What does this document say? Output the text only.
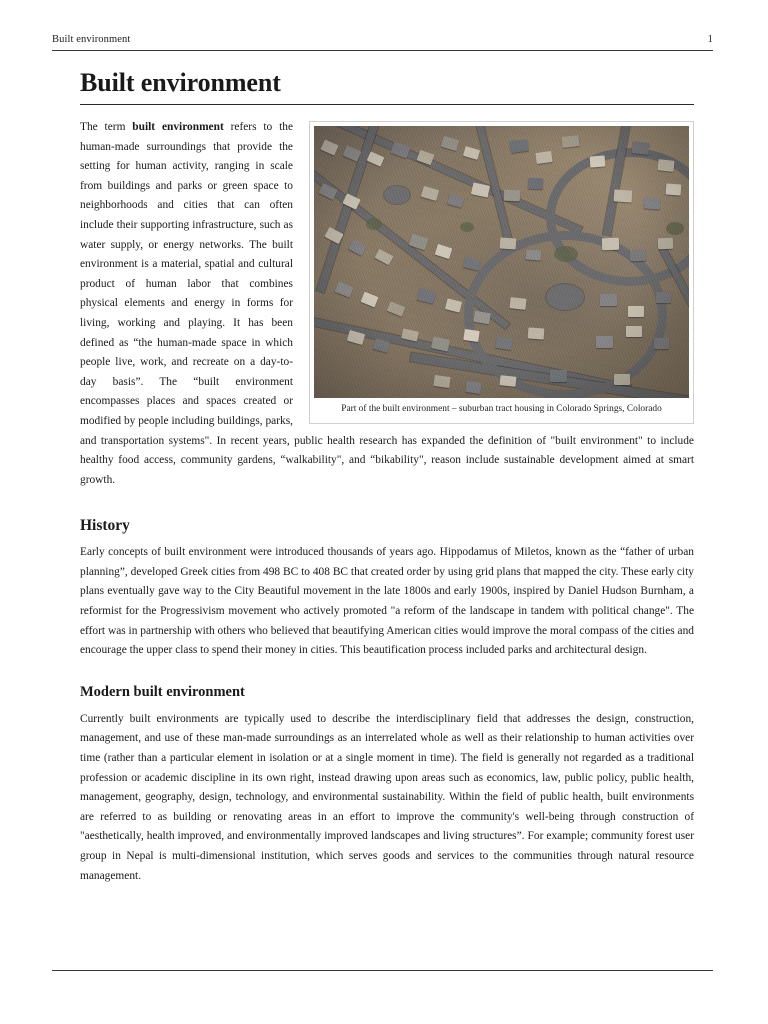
Built environment	1
Built environment
Part of the built environment – suburban tract housing in Colorado Springs, Colorado

The term built environment refers to the human-made surroundings that provide the setting for human activity, ranging in scale from buildings and parks or green space to neighborhoods and cities that can often include their supporting infrastructure, such as water supply, or energy networks. The built environment is a material, spatial and cultural product of human labor that combines physical elements and energy in forms for living, working and playing. It has been defined as “the human-made space in which people live, work, and recreate on a day-to-day basis”. The “built environment encompasses places and spaces created or modified by people including buildings, parks, and transportation systems". In recent years, public health research has expanded the definition of "built environment" to include healthy food access, community gardens, “walkability", and “bikability", reason include sustainable development aimed at smart growth.

History

Early concepts of built environment were introduced thousands of years ago. Hippodamus of Miletos, known as the “father of urban planning”, developed Greek cities from 498 BC to 408 BC that created order by using grid plans that mapped the city. These early city plans eventually gave way to the City Beautiful movement in the late 1800s and early 1900s, inspired by Daniel Hudson Burnham, a reformist for the Progressivism movement who actively promoted "a reform of the landscape in tandem with political change". The effort was in partnership with others who believed that beautifying American cities would improve the moral compass of the cities and encourage the upper class to spend their money in cities. This beautification process included parks and architectural design.

Modern built environment

Currently built environments are typically used to describe the interdisciplinary field that addresses the design, construction, management, and use of these man-made surroundings as an interrelated whole as well as their relationship to human activities over time (rather than a particular element in isolation or at a single moment in time). The field is generally not regarded as a traditional profession or academic discipline in its own right, instead drawing upon areas such as economics, law, public policy, public health, management, geography, design, technology, and environmental sustainability. Within the field of public health, built environments are referred to as building or renovating areas in an effort to improve the community's well-being through construction of "aesthetically, health improved, and environmentally improved landscapes and living structures”. For example; community forest user group in Nepal is multi-dimensional institution, which serves goods and services to the communities through natural resource management.
